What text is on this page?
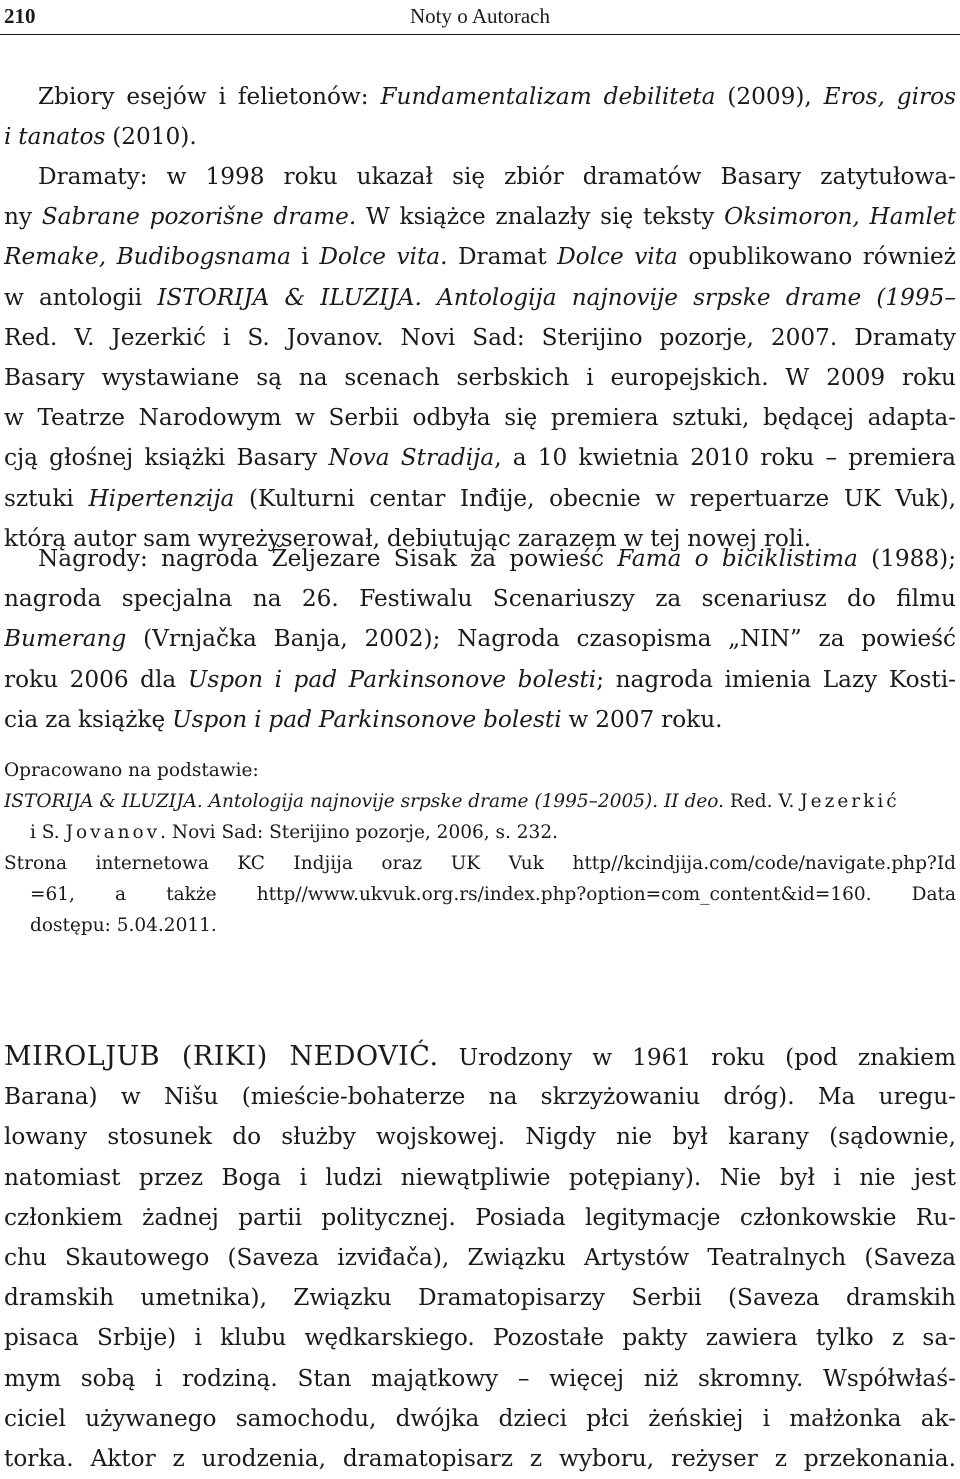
210	Noty o Autorach
Zbiory esejów i felietonów: Fundamentalizam debiliteta (2009), Eros, giros
i tanatos (2010).
Dramaty: w 1998 roku ukazał się zbiór dramatów Basary zatytułowa-
ny Sabrane pozorišne drame. W książce znalazły się teksty Oksimoron, Hamlet
Remake, Budibogsnama i Dolce vita. Dramat Dolce vita opublikowano również
w antologii ISTORIJA & ILUZIJA. Antologija najnovije srpske drame (1995–
Red. V. Jezerkić i S. Jovanov. Novi Sad: Sterijino pozorje, 2007. Dramaty
Basary wystawiane są na scenach serbskich i europejskich. W 2009 roku
w Teatrze Narodowym w Serbii odbyła się premiera sztuki, będącej adapta-
cją głośnej książki Basary Nova Stradija, a 10 kwietnia 2010 roku – premiera
sztuki Hipertenzija (Kulturni centar Inđije, obecnie w repertuarze UK Vuk),
którą autor sam wyreżyserował, debiutując zarazem w tej nowej roli.
Nagrody: nagroda Željezare Sisak za powieść Fama o biciklistima (1988);
nagroda specjalna na 26. Festiwalu Scenariuszy za scenariusz do filmu
Bumerang (Vrnjačka Banja, 2002); Nagroda czasopisma „NIN” za powieść
roku 2006 dla Uspon i pad Parkinsonove bolesti; nagroda imienia Lazy Kosti-
cia za książkę Uspon i pad Parkinsonove bolesti w 2007 roku.
Opracowano na podstawie:
ISTORIJA & ILUZIJA. Antologija najnovije srpske drame (1995–2005). II deo. Red. V. Jezerkić
i S. Jovanov. Novi Sad: Sterijino pozorje, 2006, s. 232.
Strona internetowa KC Indjija oraz UK Vuk http//kcindjija.com/code/navigate.php?Id
=61, a także http//www.ukvuk.org.rs/index.php?option=com_content&id=160. Data
dostępu: 5.04.2011.
MIROLJUB (RIKI) NEDOVIĆ. Urodzony w 1961 roku (pod znakiem
Barana) w Nišu (mieście-bohaterze na skrzyżowaniu dróg). Ma uregu-
lowany stosunek do służby wojskowej. Nigdy nie był karany (sądownie,
natomiast przez Boga i ludzi niewątpliwie potępiany). Nie był i nie jest
członkiem żadnej partii politycznej. Posiada legitymacje członkowskie Ru-
chu Skautowego (Saveza izviđača), Związku Artystów Teatralnych (Saveza
dramskih umetnika), Związku Dramatopisarzy Serbii (Saveza dramskih
pisaca Srbije) i klubu wędkarskiego. Pozostałe pakty zawiera tylko z sa-
mym sobą i rodziną. Stan majątkowy – więcej niż skromny. Współwłaś-
ciciel używanego samochodu, dwójka dzieci płci żeńskiej i małżonka ak-
torka. Aktor z urodzenia, dramatopisarz z wyboru, reżyser z przekonania.
